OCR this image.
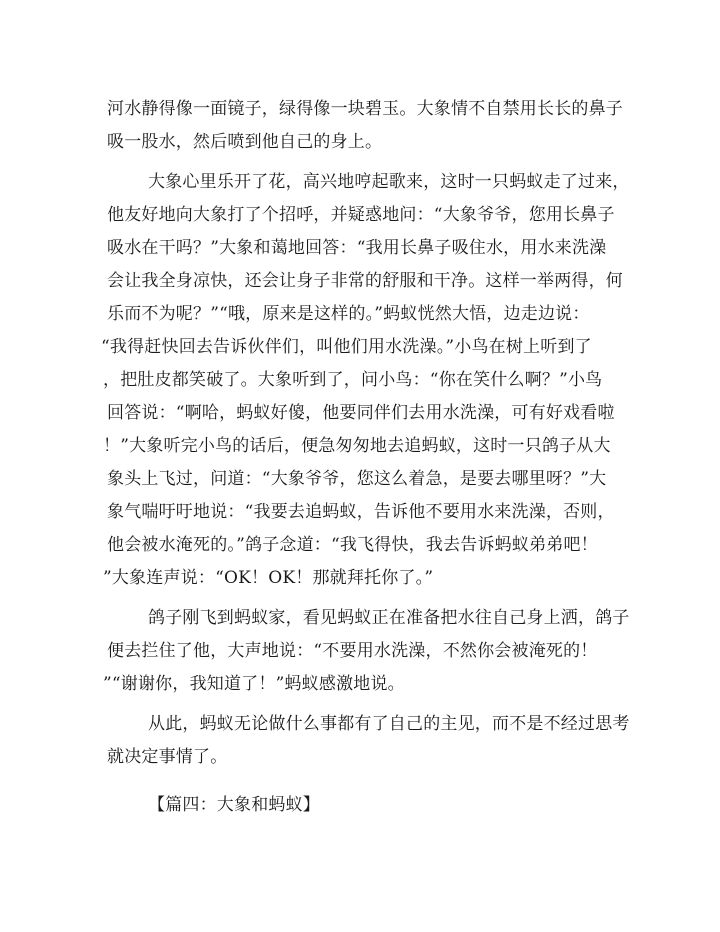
河水静得像一面镜子，绿得像一块碧玉。大象情不自禁用长长的鼻子
吸一股水，然后喷到他自己的身上。
大象心里乐开了花，高兴地哼起歌来，这时一只蚂蚁走了过来，
他友好地向大象打了个招呼，并疑惑地问：“大象爷爷，您用长鼻子
吸水在干吗？”大象和蔼地回答：“我用长鼻子吸住水，用水来洗澡
会让我全身凉快，还会让身子非常的舒服和干净。这样一举两得，何
乐而不为呢？”“哦，原来是这样的。”蚂蚁恍然大悟，边走边说：
“我得赶快回去告诉伙伴们，叫他们用水洗澡。”小鸟在树上听到了
，把肚皮都笑破了。大象听到了，问小鸟：“你在笑什么啊？”小鸟
回答说：“啊哈，蚂蚁好傻，他要同伴们去用水洗澡，可有好戏看啦
！”大象听完小鸟的话后，便急匆匆地去追蚂蚁，这时一只鸽子从大
象头上飞过，问道：“大象爷爷，您这么着急，是要去哪里呀？”大
象气喘吁吁地说：“我要去追蚂蚁，告诉他不要用水来洗澡，否则，
他会被水淹死的。”鸽子念道：“我飞得快，我去告诉蚂蚁弟弟吧！
”大象连声说：“OK！OK！那就拜托你了。”
鸽子刚飞到蚂蚁家，看见蚂蚁正在准备把水往自己身上洒，鸽子
便去拦住了他，大声地说：“不要用水洗澡，不然你会被淹死的！
”“谢谢你，我知道了！”蚂蚁感激地说。
从此，蚂蚁无论做什么事都有了自己的主见，而不是不经过思考
就决定事情了。
【篇四：大象和蚂蚁】
